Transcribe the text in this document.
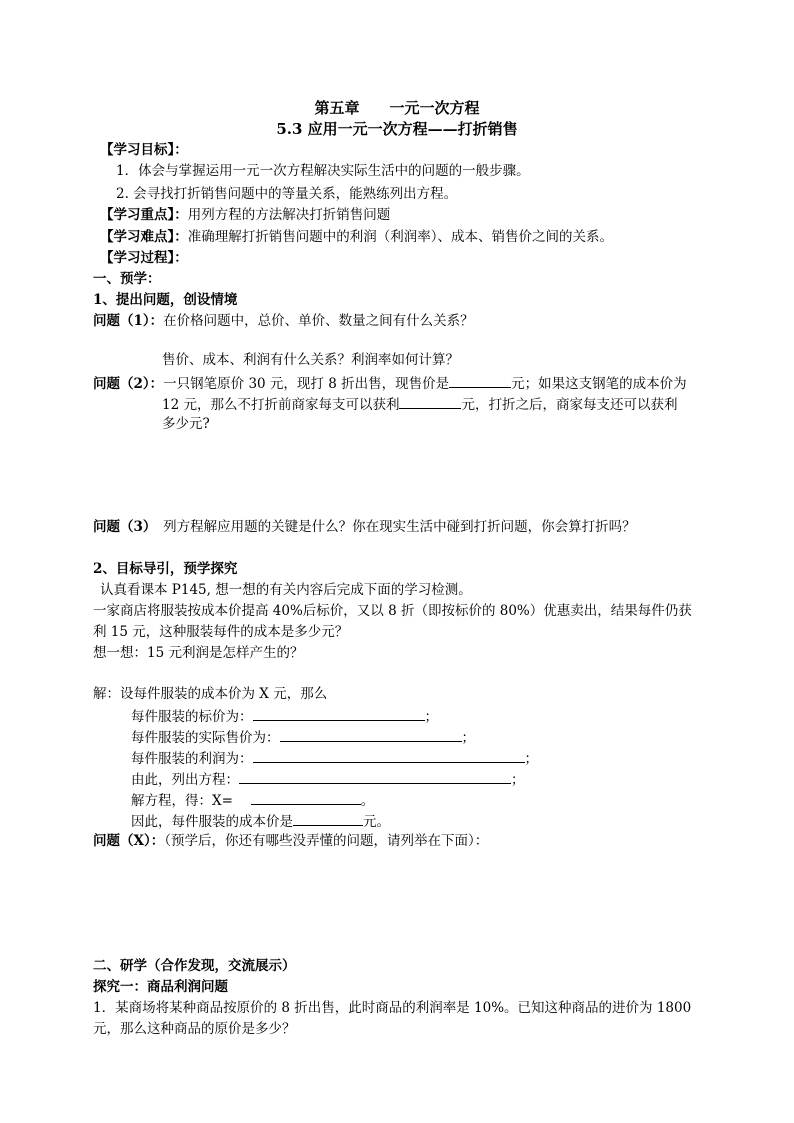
第五章　　一元一次方程
5.3 应用一元一次方程——打折销售
【学习目标】：
1．体会与掌握运用一元一次方程解决实际生活中的问题的一般步骤。
2. 会寻找打折销售问题中的等量关系，能熟练列出方程。
【学习重点】：用列方程的方法解决打折销售问题
【学习难点】：准确理解打折销售问题中的利润（利润率）、成本、销售价之间的关系。
【学习过程】：
一、预学：
1、提出问题，创设情境
问题（1）：在价格问题中，总价、单价、数量之间有什么关系？
售价、成本、利润有什么关系？利润率如何计算？
问题（2）：一只钢笔原价 30 元，现打 8 折出售，现售价是	元；如果这支钢笔的成本价为
12 元，那么不打折前商家每支可以获利	元，打折之后，商家每支还可以获利
多少元?
问题（3）　 列方程解应用题的关键是什么？你在现实生活中碰到打折问题，你会算打折吗？
2、目标导引，预学探究
认真看课本 P145, 想一想的有关内容后完成下面的学习检测。
一家商店将服装按成本价提高 40%后标价，又以 8 折（即按标价的 80%）优惠卖出，结果每件仍获
利 15 元，这种服装每件的成本是多少元？
想一想：15 元利润是怎样产生的？
解：设每件服装的成本价为 X 元，那么
每件服装的标价为：	；
每件服装的实际售价为：	；
每件服装的利润为：	；
由此，列出方程：	；
解方程，得：X=　	。
因此，每件服装的成本价是	元。
问题（X）：（预学后，你还有哪些没弄懂的问题，请列举在下面）：
二、研学（合作发现，交流展示）
探究一：商品利润问题
1．某商场将某种商品按原价的 8 折出售，此时商品的利润率是 10%。已知这种商品的进价为 1800
元，那么这种商品的原价是多少？
